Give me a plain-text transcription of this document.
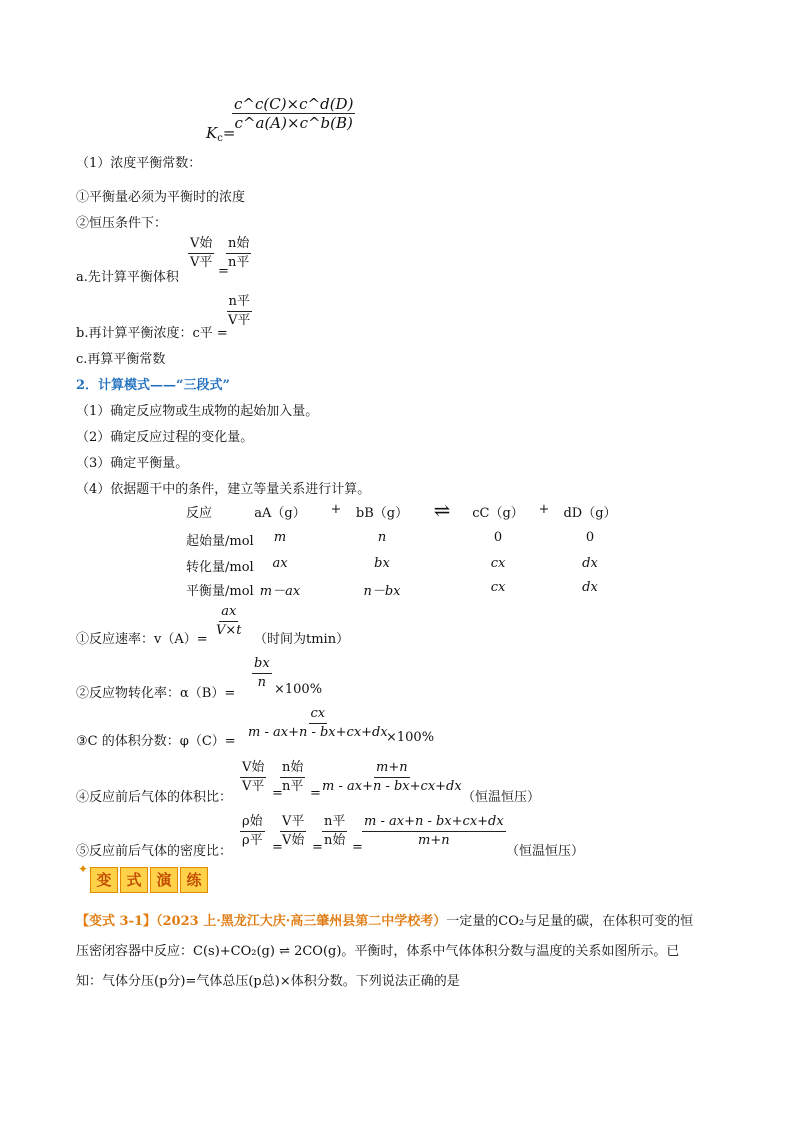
$K_c=$
$\frac{c\^{}c(C)\times c\^{}d(D)}{c\^{}a(A)\times c\^{}b(B)}$
（1）浓度平衡常数：
①平衡量必须为平衡时的浓度
②恒压条件下：
a.先计算平衡体积
V始
V平
=
n始
n平
b.再计算平衡浓度：c平 =
n平
V平
c.再算平衡常数
2．计算模式——“三段式”
（1）确定反应物或生成物的起始加入量。
（2）确定反应过程的变化量。
（3）确定平衡量。
（4）依据题干中的条件，建立等量关系进行计算。
反应	aA（g）	+	bB（g）	⇌	cC（g）	+	dD（g）
起始量/mol	m	n	0	0
转化量/mol	ax	bx	cx	dx
平衡量/mol m－ax	n－bx	cx	dx
①反应速率：v（A）=
$\frac{ax}{V\times t}$
（时间为tmin）
②反应物转化率：α（B）=
$\frac{bx}{n} \times 100\%$
③C 的体积分数：φ（C）=
$\frac{cx}{m - ax+n - bx+cx+dx}$
×100%
④反应前后气体的体积比：
V始
V平 =
n始
n平 = $\frac{m+n}{m - ax+n - bx+cx+dx}$
（恒温恒压）
⑤反应前后气体的密度比：
ρ始
ρ平 =
V平
V始 =
n平
n始 = $\frac{m - ax+n - bx+cx+dx}{m+n}$
（恒温恒压）
✦
变 式 演 练
【变式 3-1】（2023 上·黑龙江大庆·高三肇州县第二中学校考）一定量的CO₂与足量的碳，在体积可变的恒
压密闭容器中反应：C(s)+CO₂(g) ⇌ 2CO(g)。平衡时，体系中气体体积分数与温度的关系如图所示。已
知：气体分压(p分)=气体总压(p总)×体积分数。下列说法正确的是
